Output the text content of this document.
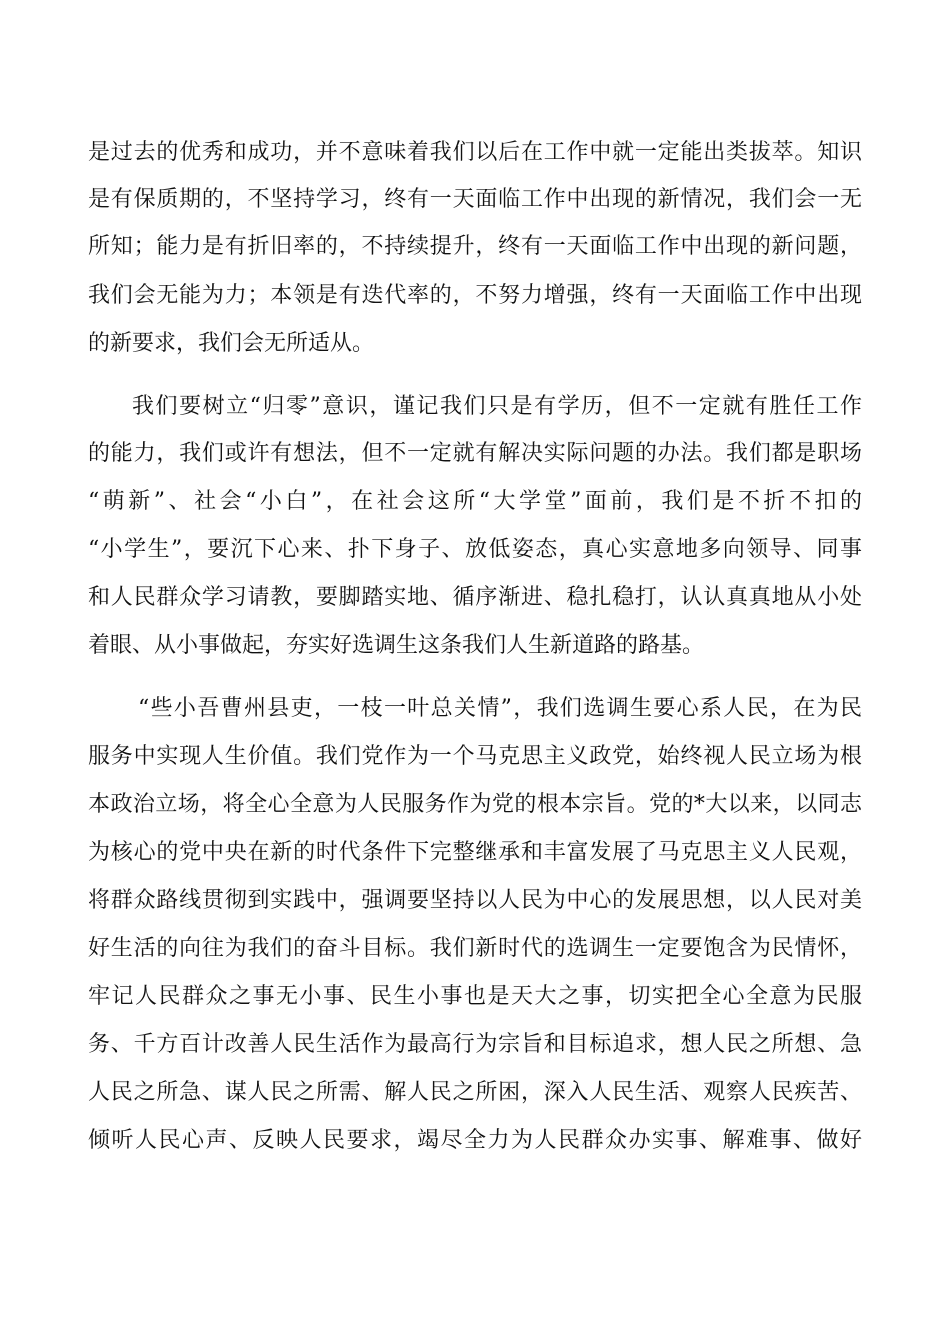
是过去的优秀和成功，并不意味着我们以后在工作中就一定能出类拔萃。知识
是有保质期的，不坚持学习，终有一天面临工作中出现的新情况，我们会一无
所知；能力是有折旧率的，不持续提升，终有一天面临工作中出现的新问题，
我们会无能为力；本领是有迭代率的，不努力增强，终有一天面临工作中出现
的新要求，我们会无所适从。
我们要树立“归零”意识，谨记我们只是有学历，但不一定就有胜任工作
的能力，我们或许有想法，但不一定就有解决实际问题的办法。我们都是职场
“萌新”、社会“小白”，在社会这所“大学堂”面前，我们是不折不扣的
“小学生”，要沉下心来、扑下身子、放低姿态，真心实意地多向领导、同事
和人民群众学习请教，要脚踏实地、循序渐进、稳扎稳打，认认真真地从小处
着眼、从小事做起，夯实好选调生这条我们人生新道路的路基。
“些小吾曹州县吏，一枝一叶总关情”，我们选调生要心系人民，在为民
服务中实现人生价值。我们党作为一个马克思主义政党，始终视人民立场为根
本政治立场，将全心全意为人民服务作为党的根本宗旨。党的*大以来，以同志
为核心的党中央在新的时代条件下完整继承和丰富发展了马克思主义人民观，
将群众路线贯彻到实践中，强调要坚持以人民为中心的发展思想，以人民对美
好生活的向往为我们的奋斗目标。我们新时代的选调生一定要饱含为民情怀，
牢记人民群众之事无小事、民生小事也是天大之事，切实把全心全意为民服
务、千方百计改善人民生活作为最高行为宗旨和目标追求，想人民之所想、急
人民之所急、谋人民之所需、解人民之所困，深入人民生活、观察人民疾苦、
倾听人民心声、反映人民要求，竭尽全力为人民群众办实事、解难事、做好
